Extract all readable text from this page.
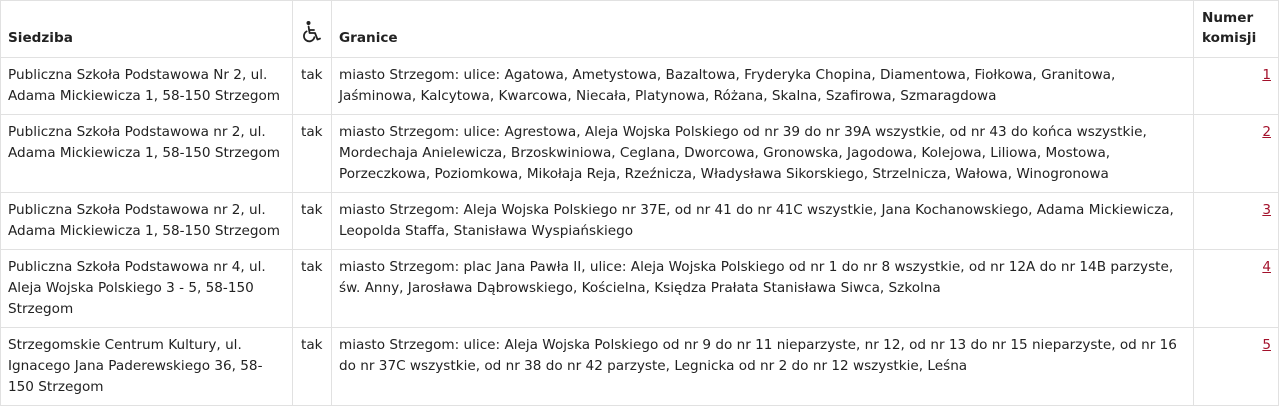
Siedziba		Granice	Numer komisji
Publiczna Szkoła Podstawowa Nr 2, ul. Adama Mickiewicza 1, 58-150 Strzegom	tak	miasto Strzegom: ulice: Agatowa, Ametystowa, Bazaltowa, Fryderyka Chopina, Diamentowa, Fiołkowa, Granitowa, Jaśminowa, Kalcytowa, Kwarcowa, Niecała, Platynowa, Różana, Skalna, Szafirowa, Szmaragdowa	1
Publiczna Szkoła Podstawowa nr 2, ul. Adama Mickiewicza 1, 58-150 Strzegom	tak	miasto Strzegom: ulice: Agrestowa, Aleja Wojska Polskiego od nr 39 do nr 39A wszystkie, od nr 43 do końca wszystkie, Mordechaja Anielewicza, Brzoskwiniowa, Ceglana, Dworcowa, Gronowska, Jagodowa, Kolejowa, Liliowa, Mostowa, Porzeczkowa, Poziomkowa, Mikołaja Reja, Rzeźnicza, Władysława Sikorskiego, Strzelnicza, Wałowa, Winogronowa	2
Publiczna Szkoła Podstawowa nr 2, ul. Adama Mickiewicza 1, 58-150 Strzegom	tak	miasto Strzegom: Aleja Wojska Polskiego nr 37E, od nr 41 do nr 41C wszystkie, Jana Kochanowskiego, Adama Mickiewicza, Leopolda Staffa, Stanisława Wyspiańskiego	3
Publiczna Szkoła Podstawowa nr 4, ul. Aleja Wojska Polskiego 3 - 5, 58-150 Strzegom	tak	miasto Strzegom: plac Jana Pawła II, ulice: Aleja Wojska Polskiego od nr 1 do nr 8 wszystkie, od nr 12A do nr 14B parzyste, św. Anny, Jarosława Dąbrowskiego, Kościelna, Księdza Prałata Stanisława Siwca, Szkolna	4
Strzegomskie Centrum Kultury, ul. Ignacego Jana Paderewskiego 36, 58-150 Strzegom	tak	miasto Strzegom: ulice: Aleja Wojska Polskiego od nr 9 do nr 11 nieparzyste, nr 12, od nr 13 do nr 15 nieparzyste, od nr 16 do nr 37C wszystkie, od nr 38 do nr 42 parzyste, Legnicka od nr 2 do nr 12 wszystkie, Leśna	5
